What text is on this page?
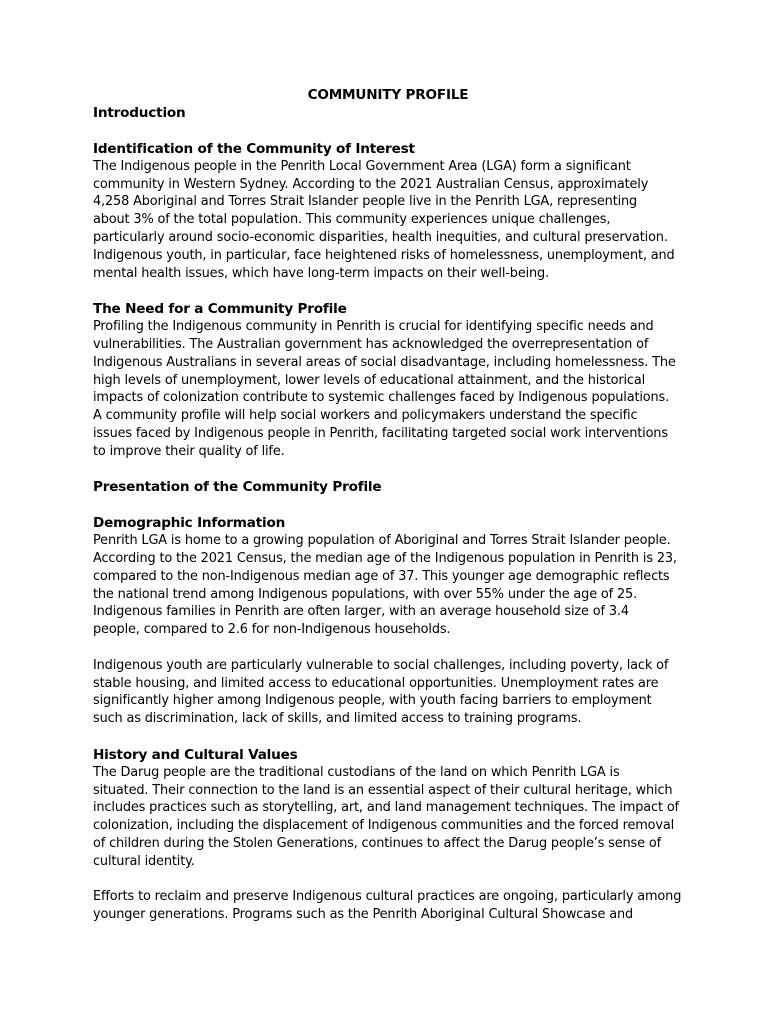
COMMUNITY PROFILE
Introduction
Identification of the Community of Interest
The Indigenous people in the Penrith Local Government Area (LGA) form a significant
community in Western Sydney. According to the 2021 Australian Census, approximately
4,258 Aboriginal and Torres Strait Islander people live in the Penrith LGA, representing
about 3% of the total population. This community experiences unique challenges,
particularly around socio-economic disparities, health inequities, and cultural preservation.
Indigenous youth, in particular, face heightened risks of homelessness, unemployment, and
mental health issues, which have long-term impacts on their well-being.
The Need for a Community Profile
Profiling the Indigenous community in Penrith is crucial for identifying specific needs and
vulnerabilities. The Australian government has acknowledged the overrepresentation of
Indigenous Australians in several areas of social disadvantage, including homelessness. The
high levels of unemployment, lower levels of educational attainment, and the historical
impacts of colonization contribute to systemic challenges faced by Indigenous populations.
A community profile will help social workers and policymakers understand the specific
issues faced by Indigenous people in Penrith, facilitating targeted social work interventions
to improve their quality of life.
Presentation of the Community Profile
Demographic Information
Penrith LGA is home to a growing population of Aboriginal and Torres Strait Islander people.
According to the 2021 Census, the median age of the Indigenous population in Penrith is 23,
compared to the non-Indigenous median age of 37. This younger age demographic reflects
the national trend among Indigenous populations, with over 55% under the age of 25.
Indigenous families in Penrith are often larger, with an average household size of 3.4
people, compared to 2.6 for non-Indigenous households.
Indigenous youth are particularly vulnerable to social challenges, including poverty, lack of
stable housing, and limited access to educational opportunities. Unemployment rates are
significantly higher among Indigenous people, with youth facing barriers to employment
such as discrimination, lack of skills, and limited access to training programs.
History and Cultural Values
The Darug people are the traditional custodians of the land on which Penrith LGA is
situated. Their connection to the land is an essential aspect of their cultural heritage, which
includes practices such as storytelling, art, and land management techniques. The impact of
colonization, including the displacement of Indigenous communities and the forced removal
of children during the Stolen Generations, continues to affect the Darug people’s sense of
cultural identity.
Efforts to reclaim and preserve Indigenous cultural practices are ongoing, particularly among
younger generations. Programs such as the Penrith Aboriginal Cultural Showcase and
